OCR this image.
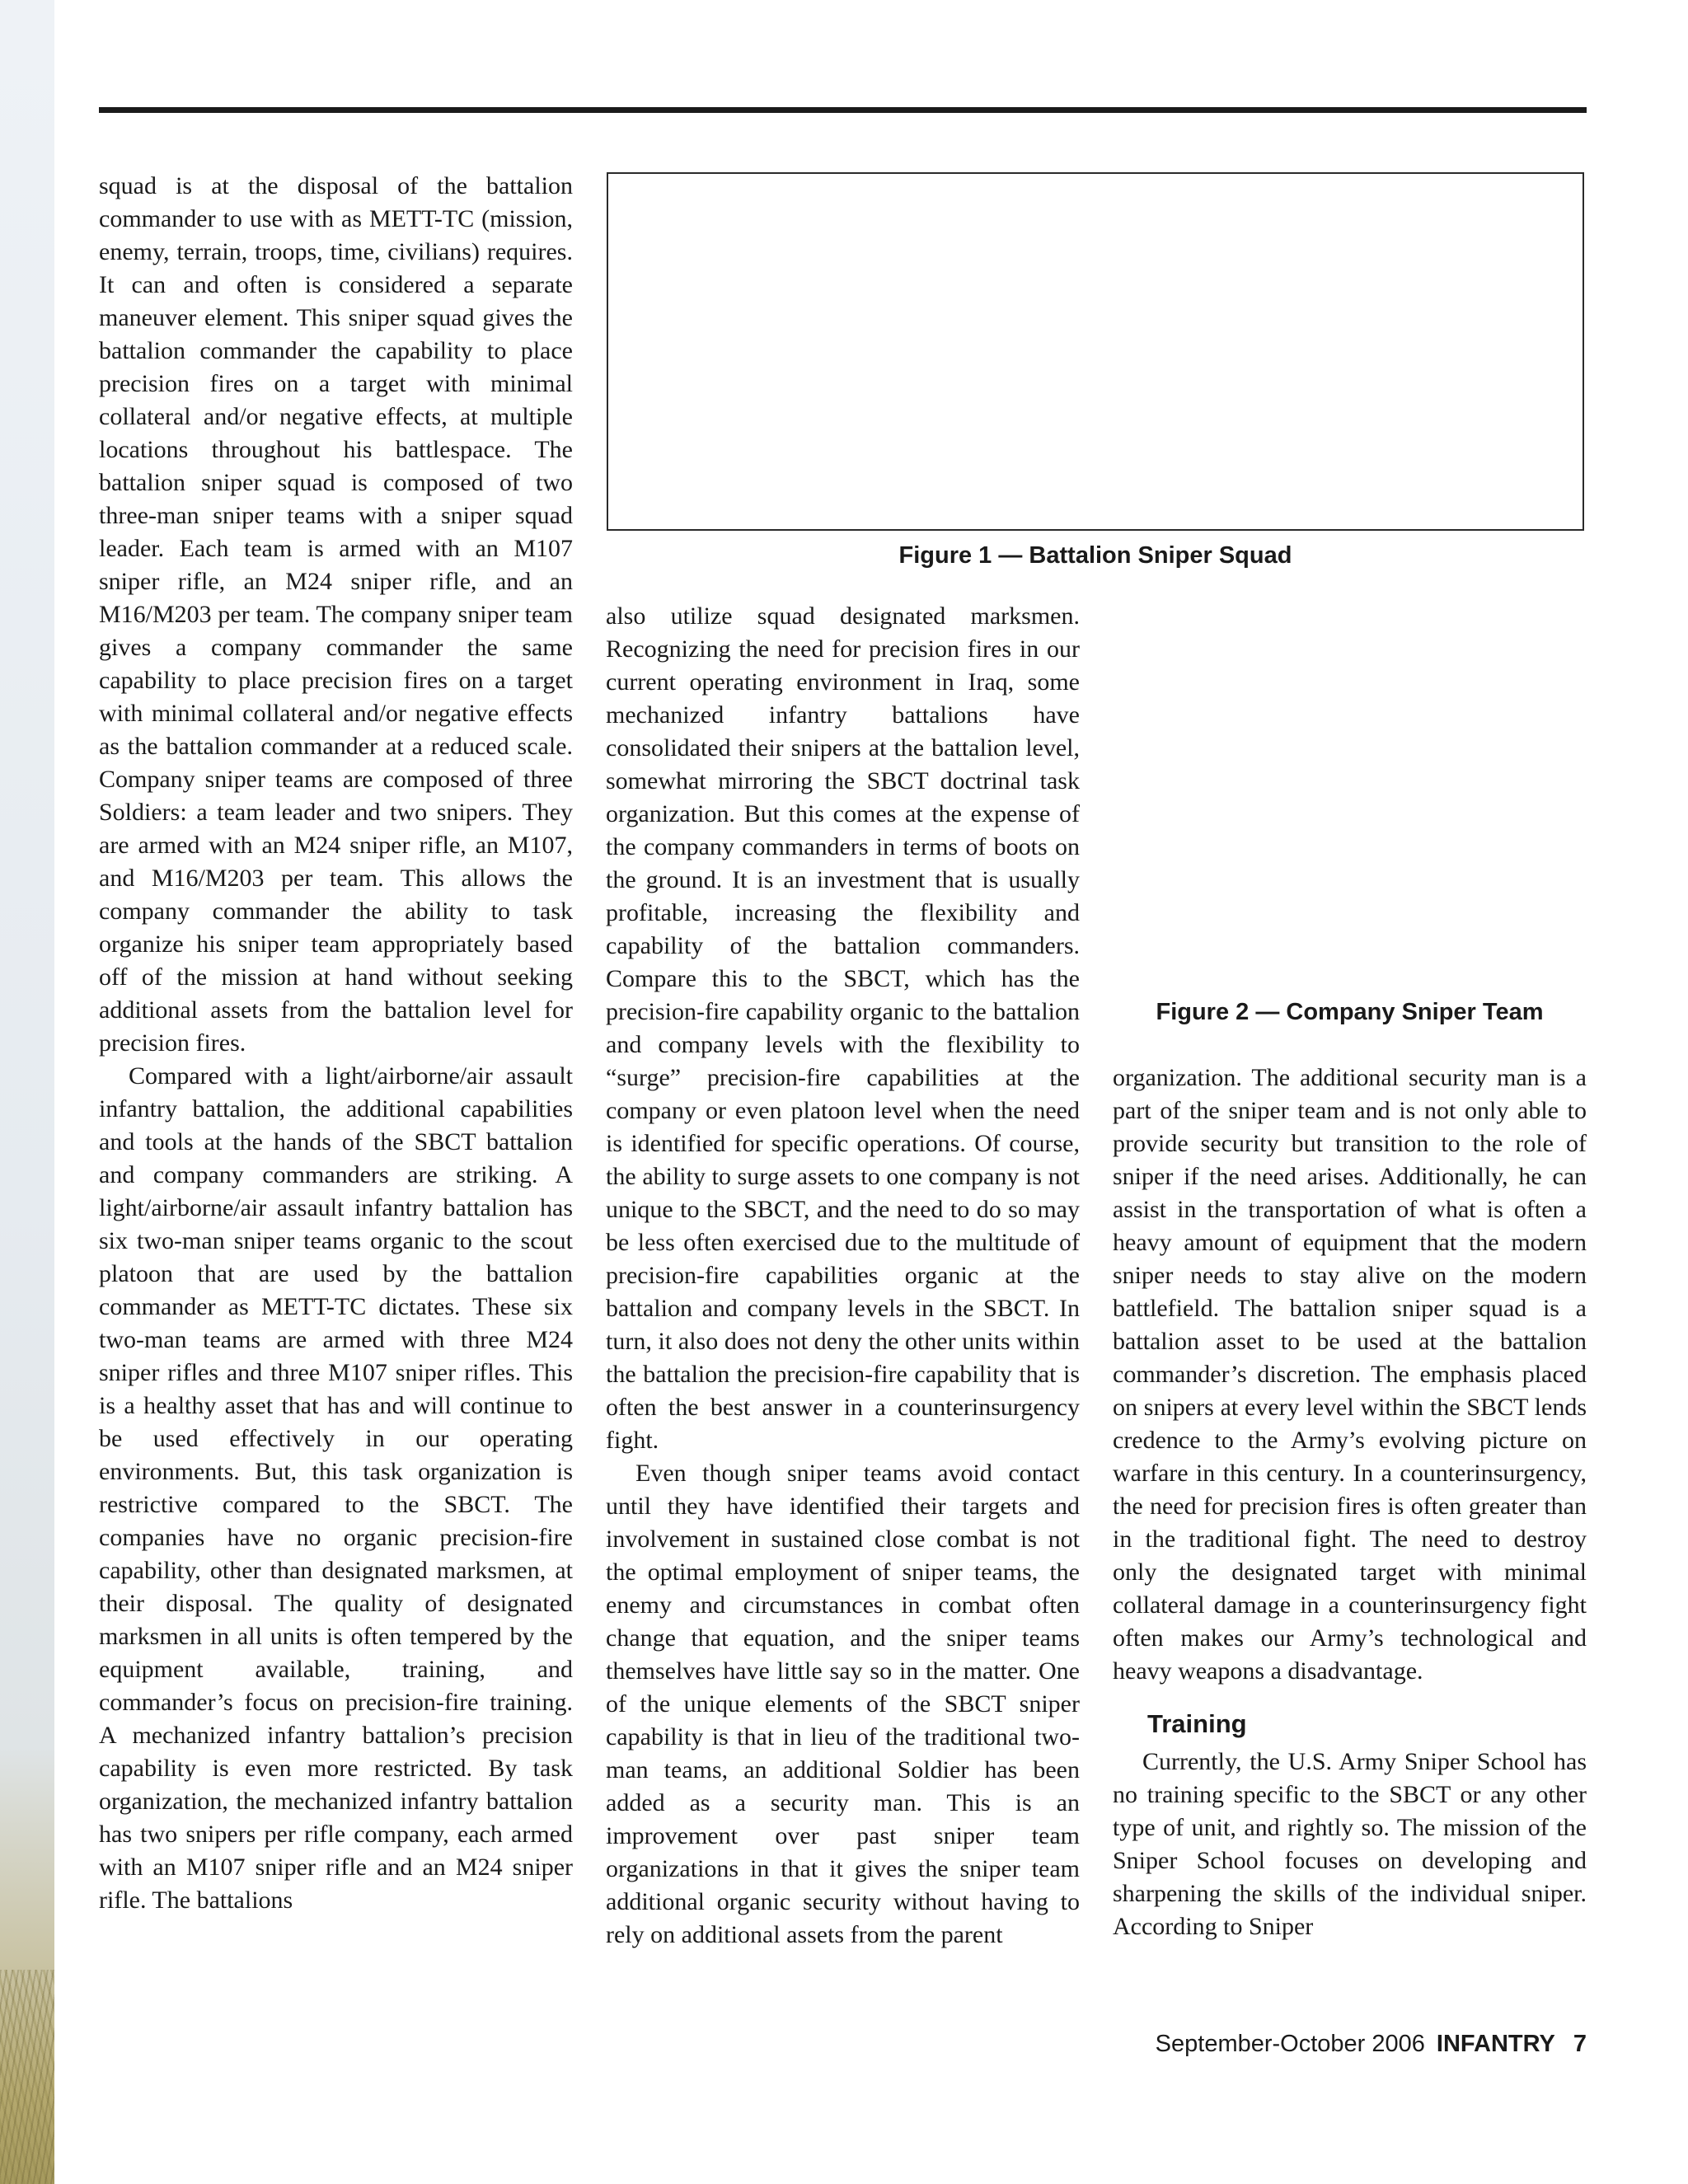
squad is at the disposal of the battalion commander to use with as METT-TC (mission, enemy, terrain, troops, time, civilians) requires. It can and often is considered a separate maneuver element. This sniper squad gives the battalion commander the capability to place precision fires on a target with minimal collateral and/or negative effects, at multiple locations throughout his battlespace. The battalion sniper squad is composed of two three-man sniper teams with a sniper squad leader. Each team is armed with an M107 sniper rifle, an M24 sniper rifle, and an M16/M203 per team. The company sniper team gives a company commander the same capability to place precision fires on a target with minimal collateral and/or negative effects as the battalion commander at a reduced scale. Company sniper teams are composed of three Soldiers: a team leader and two snipers. They are armed with an M24 sniper rifle, an M107, and M16/M203 per team. This allows the company commander the ability to task organize his sniper team appropriately based off of the mission at hand without seeking additional assets from the battalion level for precision fires.

Compared with a light/airborne/air assault infantry battalion, the additional capabilities and tools at the hands of the SBCT battalion and company commanders are striking. A light/airborne/air assault infantry battalion has six two-man sniper teams organic to the scout platoon that are used by the battalion commander as METT-TC dictates. These six two-man teams are armed with three M24 sniper rifles and three M107 sniper rifles. This is a healthy asset that has and will continue to be used effectively in our operating environments. But, this task organization is restrictive compared to the SBCT. The companies have no organic precision-fire capability, other than designated marksmen, at their disposal. The quality of designated marksmen in all units is often tempered by the equipment available, training, and commander’s focus on precision-fire training. A mechanized infantry battalion’s precision capability is even more restricted. By task organization, the mechanized infantry battalion has two snipers per rifle company, each armed with an M107 sniper rifle and an M24 sniper rifle. The battalions

Figure 1 — Battalion Sniper Squad

also utilize squad designated marksmen. Recognizing the need for precision fires in our current operating environment in Iraq, some mechanized infantry battalions have consolidated their snipers at the battalion level, somewhat mirroring the SBCT doctrinal task organization. But this comes at the expense of the company commanders in terms of boots on the ground. It is an investment that is usually profitable, increasing the flexibility and capability of the battalion commanders. Compare this to the SBCT, which has the precision-fire capability organic to the battalion and company levels with the flexibility to “surge” precision-fire capabilities at the company or even platoon level when the need is identified for specific operations. Of course, the ability to surge assets to one company is not unique to the SBCT, and the need to do so may be less often exercised due to the multitude of precision-fire capabilities organic at the battalion and company levels in the SBCT. In turn, it also does not deny the other units within the battalion the precision-fire capability that is often the best answer in a counterinsurgency fight.

Even though sniper teams avoid contact until they have identified their targets and involvement in sustained close combat is not the optimal employment of sniper teams, the enemy and circumstances in combat often change that equation, and the sniper teams themselves have little say so in the matter. One of the unique elements of the SBCT sniper capability is that in lieu of the traditional two-man teams, an additional Soldier has been added as a security man. This is an improvement over past sniper team organizations in that it gives the sniper team additional organic security without having to rely on additional assets from the parent

Figure 2 — Company Sniper Team

organization. The additional security man is a part of the sniper team and is not only able to provide security but transition to the role of sniper if the need arises. Additionally, he can assist in the transportation of what is often a heavy amount of equipment that the modern sniper needs to stay alive on the modern battlefield. The battalion sniper squad is a battalion asset to be used at the battalion commander’s discretion. The emphasis placed on snipers at every level within the SBCT lends credence to the Army’s evolving picture on warfare in this century. In a counterinsurgency, the need for precision fires is often greater than in the traditional fight. The need to destroy only the designated target with minimal collateral damage in a counterinsurgency fight often makes our Army’s technological and heavy weapons a disadvantage.

Training

Currently, the U.S. Army Sniper School has no training specific to the SBCT or any other type of unit, and rightly so. The mission of the Sniper School focuses on developing and sharpening the skills of the individual sniper. According to Sniper

September-October 2006 INFANTRY 7
